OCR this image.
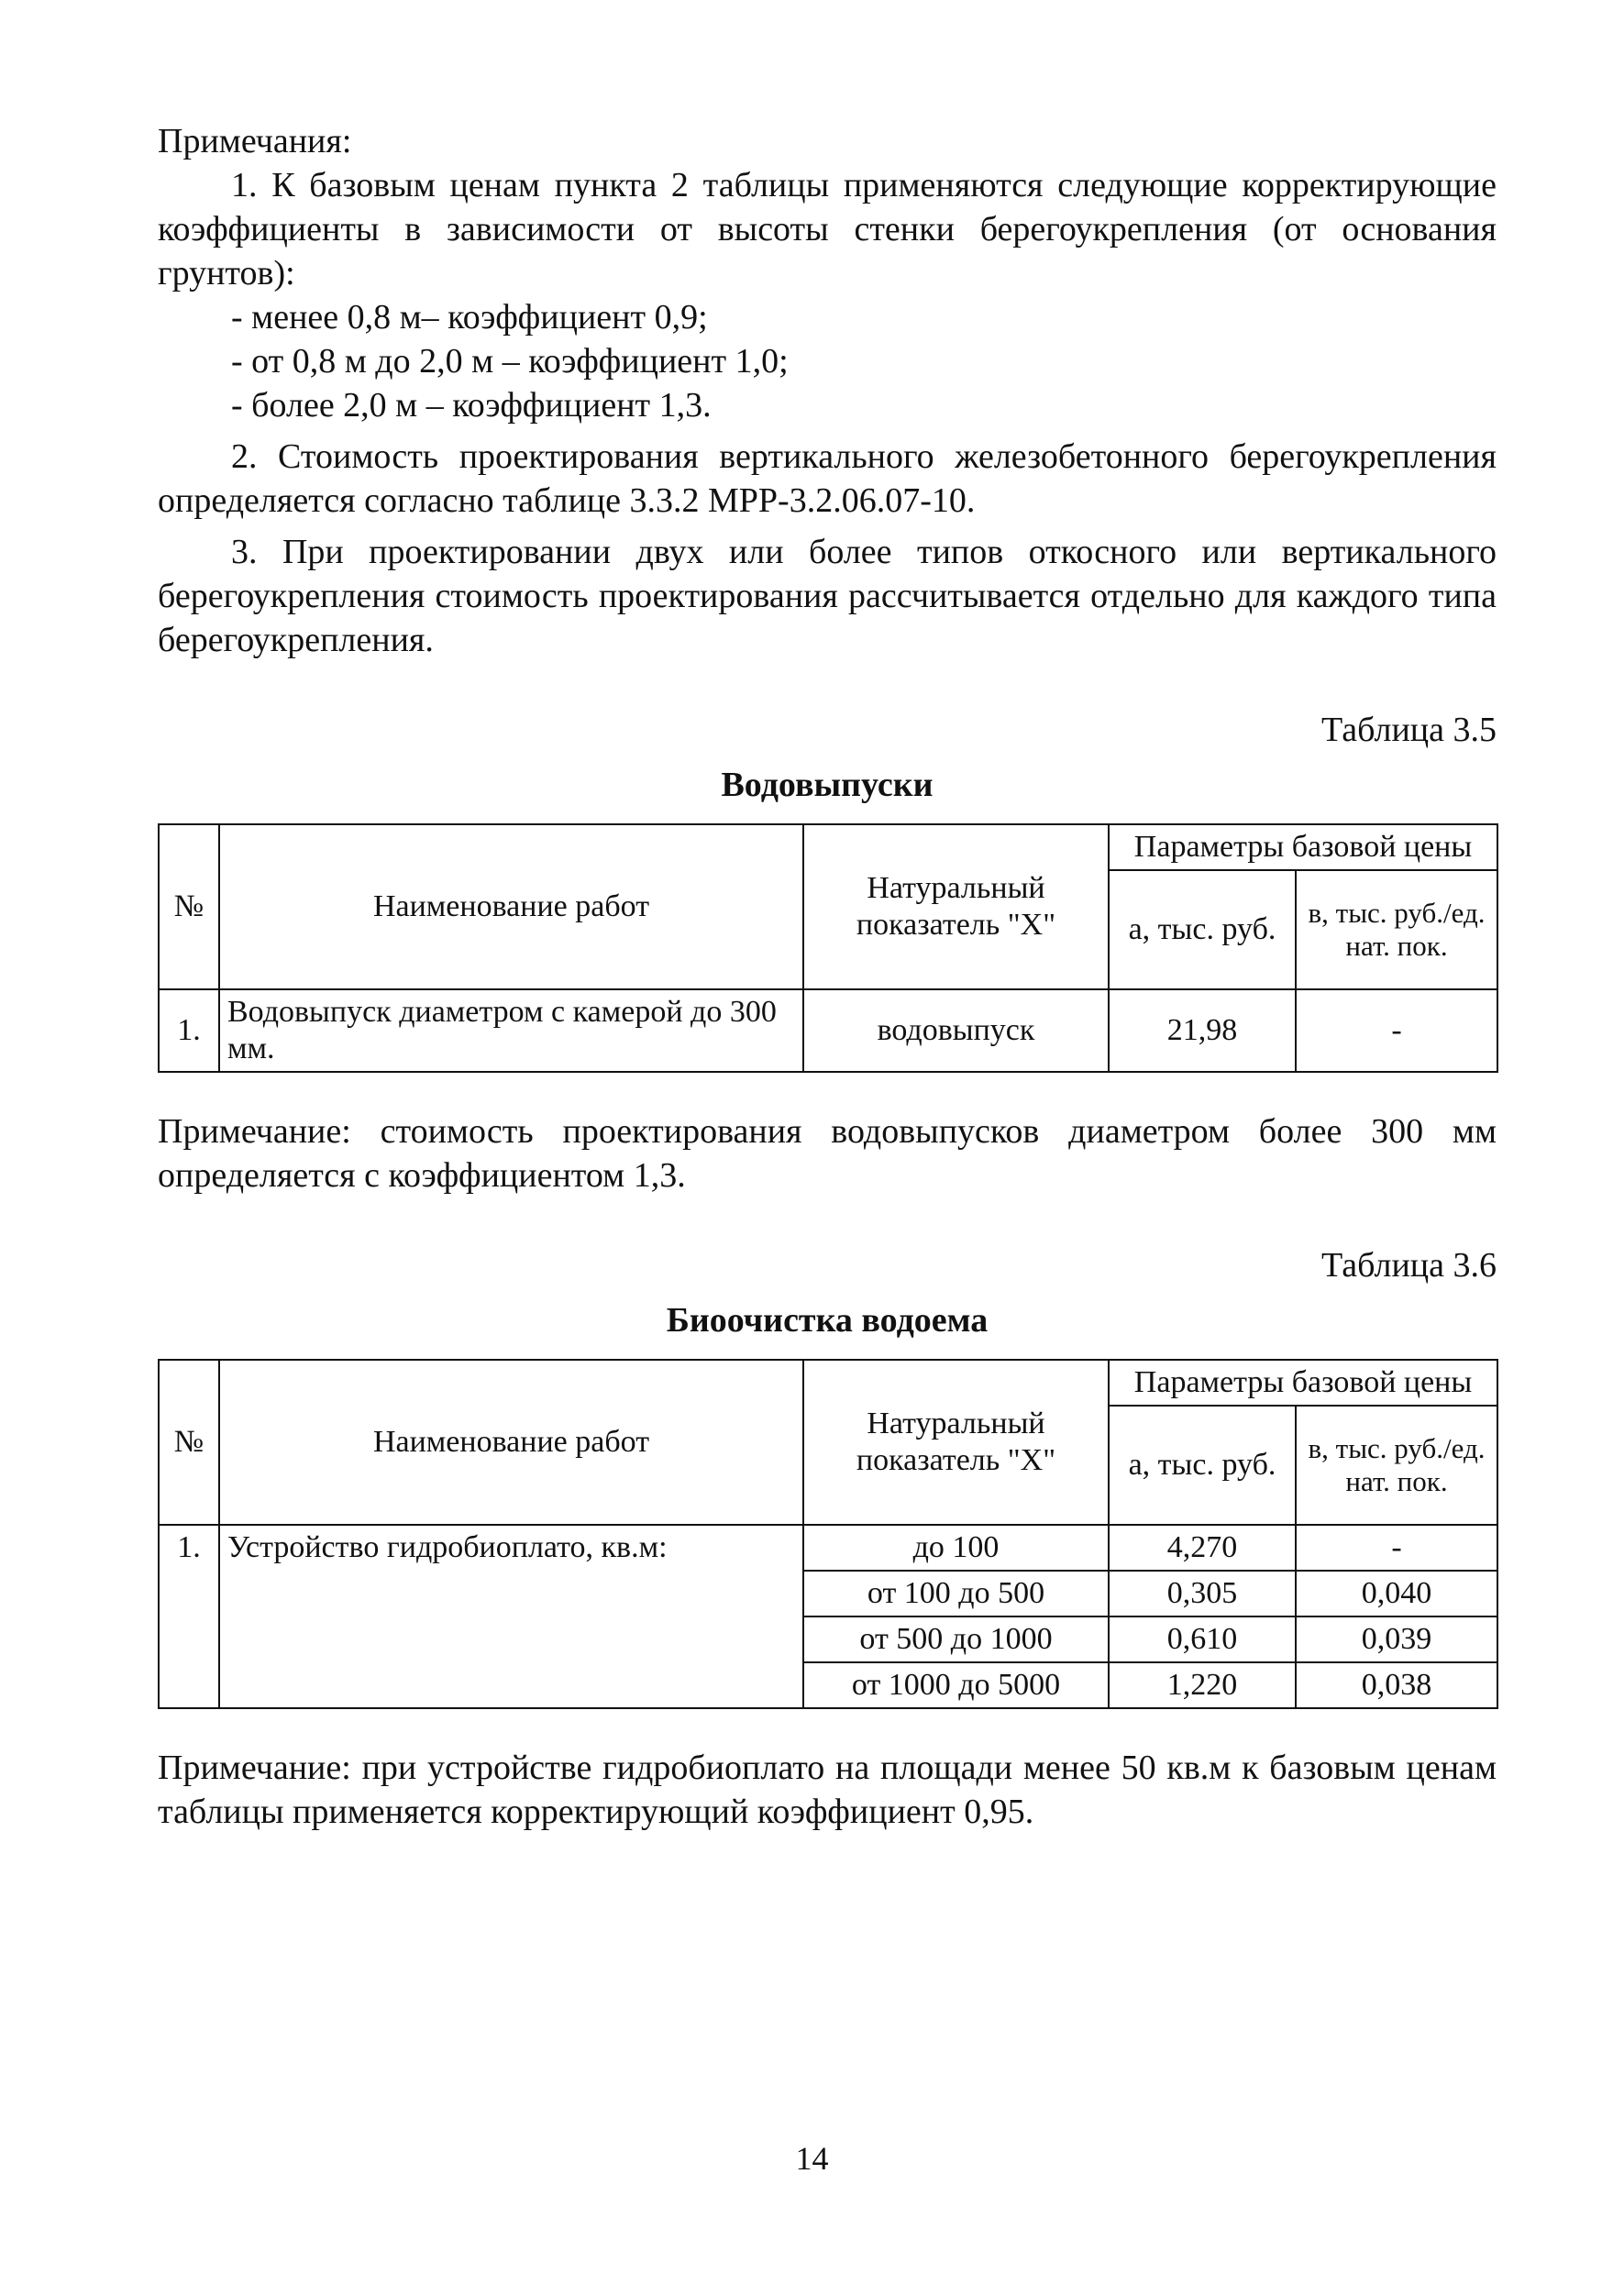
Примечания:

1. К базовым ценам пункта 2 таблицы применяются следующие корректирующие коэффициенты в зависимости от высоты стенки берегоукрепления (от основания грунтов):

- менее 0,8 м– коэффициент 0,9;

- от 0,8 м до 2,0 м – коэффициент 1,0;

- более 2,0 м – коэффициент 1,3.

2. Стоимость проектирования вертикального железобетонного берегоукрепления определяется согласно таблице 3.3.2 МРР-3.2.06.07-10.

3. При проектировании двух или более типов откосного или вертикального берегоукрепления стоимость проектирования рассчитывается отдельно для каждого типа берегоукрепления.

Таблица 3.5

Водовыпуски

№	Наименование работ	Натуральный показатель "Х"	Параметры базовой цены	
			а, тыс. руб.	в, тыс. руб./ед. нат. пок.
1.	Водовыпуск диаметром с камерой до 300 мм.	водовыпуск	21,98	-

Примечание: стоимость проектирования водовыпусков диаметром более 300 мм определяется с коэффициентом 1,3.

Таблица 3.6

Биоочистка водоема

№	Наименование работ	Натуральный показатель "Х"	Параметры базовой цены	
			а, тыс. руб.	в, тыс. руб./ед. нат. пок.
1.	Устройство гидробиоплато, кв.м:	до 100	4,270	-
		от 100 до 500	0,305	0,040
		от 500 до 1000	0,610	0,039
		от 1000 до 5000	1,220	0,038

Примечание: при устройстве гидробиоплато на площади менее 50 кв.м к базовым ценам таблицы применяется корректирующий коэффициент 0,95.

14
